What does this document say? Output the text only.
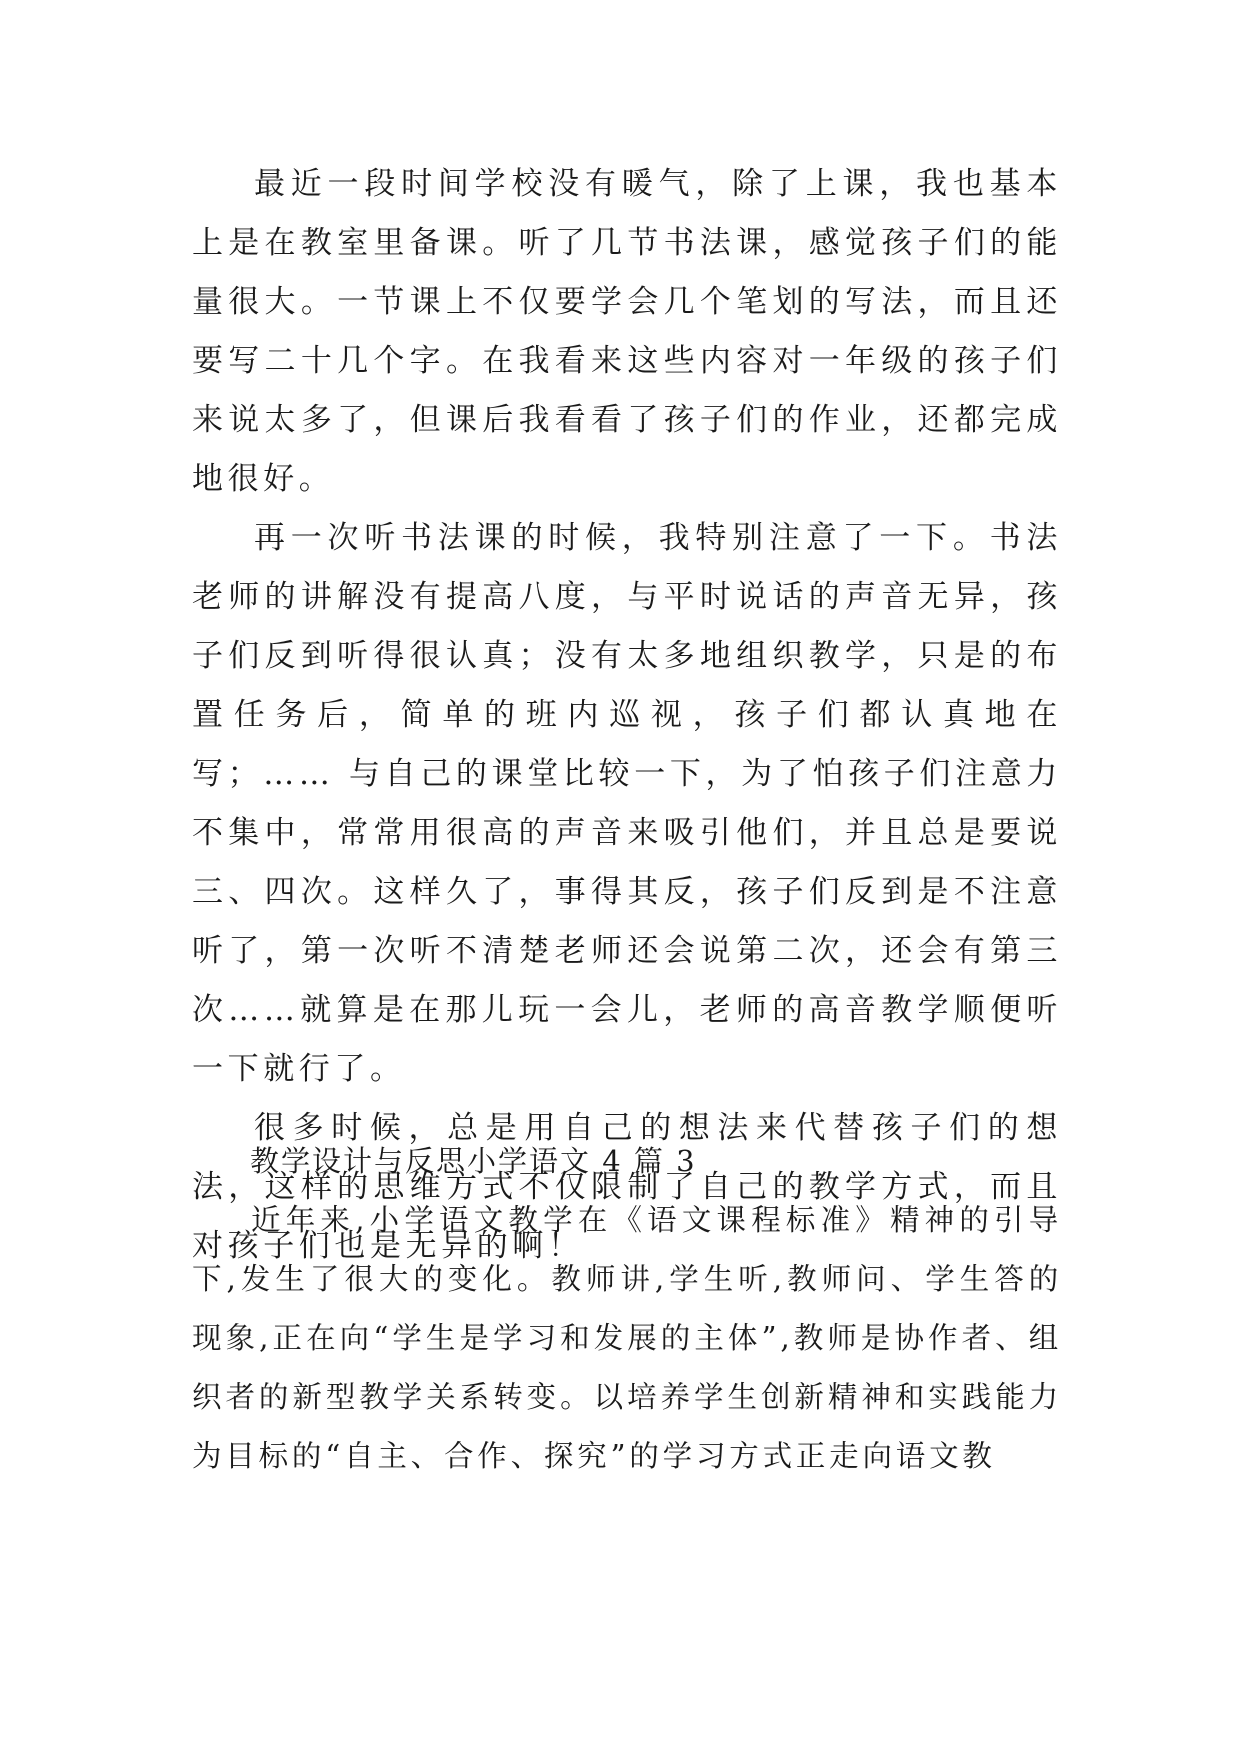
最近一段时间学校没有暖气，除了上课，我也基本上是在教室里备课。听了几节书法课，感觉孩子们的能量很大。一节课上不仅要学会几个笔划的写法，而且还要写二十几个字。在我看来这些内容对一年级的孩子们来说太多了，但课后我看看了孩子们的作业，还都完成地很好。

再一次听书法课的时候，我特别注意了一下。书法老师的讲解没有提高八度，与平时说话的声音无异，孩子们反到听得很认真；没有太多地组织教学，只是的布置任务后，简单的班内巡视，孩子们都认真地在写；…… 与自己的课堂比较一下，为了怕孩子们注意力不集中，常常用很高的声音来吸引他们，并且总是要说三、四次。这样久了，事得其反，孩子们反到是不注意听了，第一次听不清楚老师还会说第二次，还会有第三次……就算是在那儿玩一会儿，老师的高音教学顺便听一下就行了。

很多时候，总是用自己的想法来代替孩子们的想法，这样的思维方式不仅限制了自己的教学方式，而且对孩子们也是无异的啊！

教学设计与反思小学语文 4 篇 3

近年来,小学语文教学在《语文课程标准》精神的引导下,发生了很大的变化。教师讲,学生听,教师问、学生答的现象,正在向“学生是学习和发展的主体”,教师是协作者、组织者的新型教学关系转变。以培养学生创新精神和实践能力为目标的“自主、合作、探究”的学习方式正走向语文教
